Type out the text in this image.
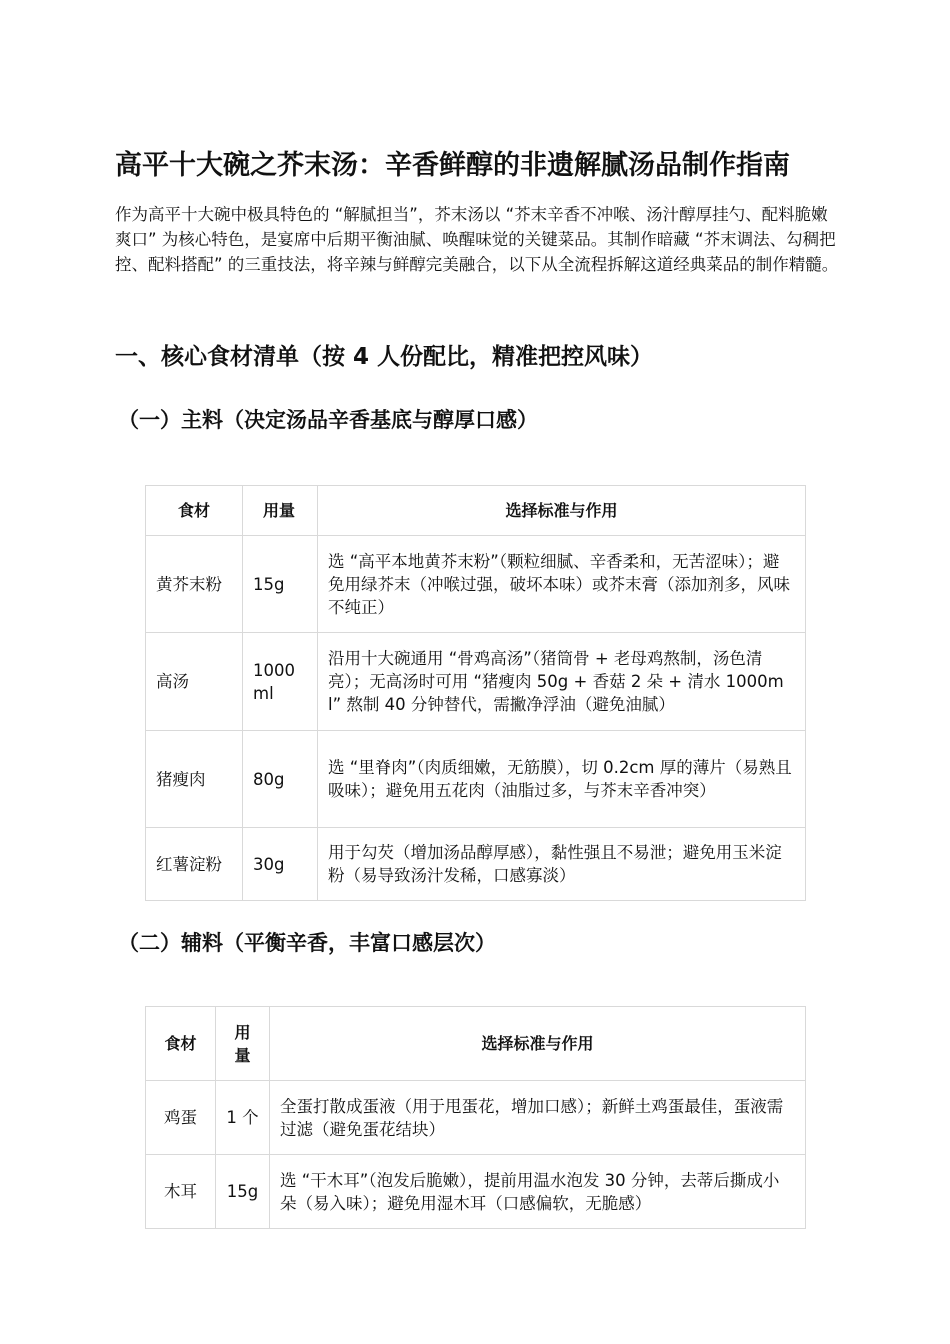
高平十大碗之芥末汤：辛香鲜醇的非遗解腻汤品制作指南

作为高平十大碗中极具特色的 “解腻担当”，芥末汤以 “芥末辛香不冲喉、汤汁醇厚挂勺、配料脆嫩爽口” 为核心特色，是宴席中后期平衡油腻、唤醒味觉的关键菜品。其制作暗藏 “芥末调法、勾稠把控、配料搭配” 的三重技法，将辛辣与鲜醇完美融合，以下从全流程拆解这道经典菜品的制作精髓。

一、核心食材清单（按 4 人份配比，精准把控风味）
（一）主料（决定汤品辛香基底与醇厚口感）
食材	用量	选择标准与作用
黄芥末粉	15g	选 “高平本地黄芥末粉”（颗粒细腻、辛香柔和，无苦涩味）；避免用绿芥末（冲喉过强，破坏本味）或芥末膏（添加剂多，风味不纯正）
高汤	1000ml	沿用十大碗通用 “骨鸡高汤”（猪筒骨 + 老母鸡熬制，汤色清亮）；无高汤时可用 “猪瘦肉 50g + 香菇 2 朵 + 清水 1000ml” 熬制 40 分钟替代，需撇净浮油（避免油腻）
猪瘦肉	80g	选 “里脊肉”（肉质细嫩，无筋膜），切 0.2cm 厚的薄片（易熟且吸味）；避免用五花肉（油脂过多，与芥末辛香冲突）
红薯淀粉	30g	用于勾芡（增加汤品醇厚感），黏性强且不易泄；避免用玉米淀粉（易导致汤汁发稀，口感寡淡）
（二）辅料（平衡辛香，丰富口感层次）
食材	用量	选择标准与作用
鸡蛋	1 个	全蛋打散成蛋液（用于甩蛋花，增加口感）；新鲜土鸡蛋最佳，蛋液需过滤（避免蛋花结块）
木耳	15g	选 “干木耳”（泡发后脆嫩），提前用温水泡发 30 分钟，去蒂后撕成小朵（易入味）；避免用湿木耳（口感偏软，无脆感）
